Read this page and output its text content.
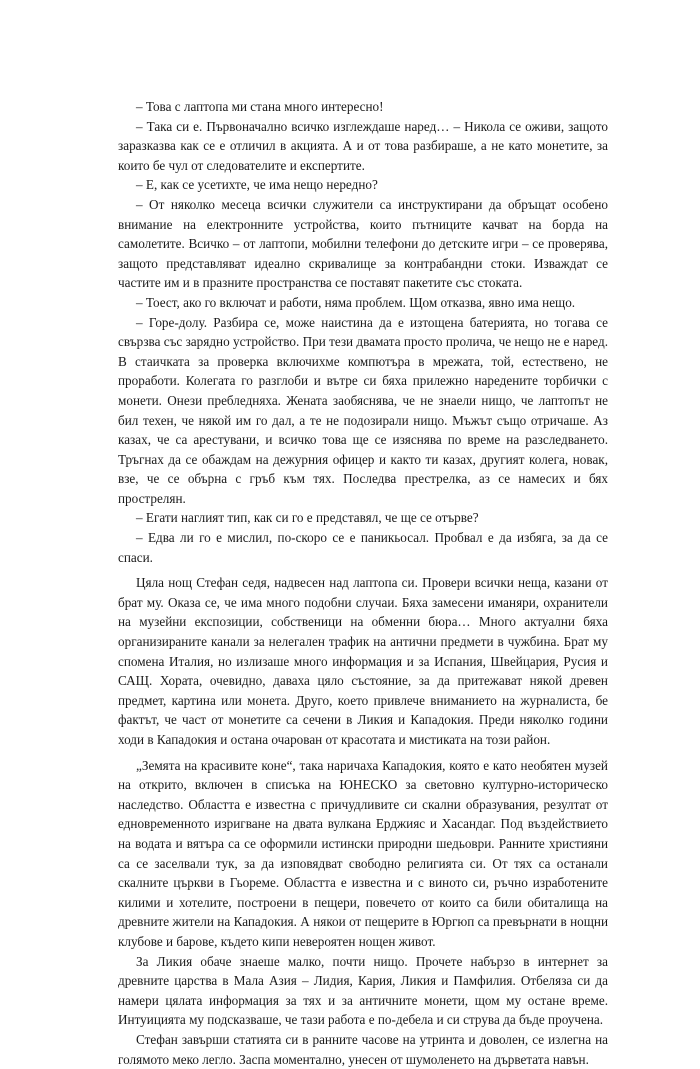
– Това с лаптопа ми стана много интересно!

– Така си е. Първоначално всичко изглеждаше наред… – Никола се оживи, защото заразказва как се е отличил в акцията. А и от това разбираше, а не като монетите, за които бе чул от следователите и експертите.

– Е, как се усетихте, че има нещо нередно?

– От няколко месеца всички служители са инструктирани да обръщат особено внимание на електронните устройства, които пътниците качват на борда на самолетите. Всичко – от лаптопи, мобилни телефони до детските игри – се проверява, защото представляват идеално скривалище за контрабандни стоки. Изваждат се частите им и в празните пространства се поставят пакетите със стоката.

– Тоест, ако го включат и работи, няма проблем. Щом отказва, явно има нещо.

– Горе-долу. Разбира се, може наистина да е изтощена батерията, но тогава се свързва със зарядно устройство. При тези двамата просто пролича, че нещо не е наред. В стаичката за проверка включихме компютъра в мрежата, той, естествено, не проработи. Колегата го разглоби и вътре си бяха прилежно наредените торбички с монети. Онези пребледняха. Жената заобяснява, че не знаели нищо, че лаптопът не бил техен, че някой им го дал, а те не подозирали нищо. Мъжът също отричаше. Аз казах, че са арестувани, и всичко това ще се изяснява по време на разследването. Тръгнах да се обаждам на дежурния офицер и както ти казах, другият колега, новак, взе, че се обърна с гръб към тях. Последва престрелка, аз се намесих и бях прострелян.

– Егати наглият тип, как си го е представял, че ще се отърве?

– Едва ли го е мислил, по-скоро се е паникьосал. Пробвал е да избяга, за да се спаси.

Цяла нощ Стефан седя, надвесен над лаптопа си. Провери всички неща, казани от брат му. Оказа се, че има много подобни случаи. Бяха замесени иманяри, охранители на музейни експозиции, собственици на обменни бюра… Много актуални бяха организираните канали за нелегален трафик на антични предмети в чужбина. Брат му спомена Италия, но излизаше много информация и за Испания, Швейцария, Русия и САЩ. Хората, очевидно, даваха цяло състояние, за да притежават някой древен предмет, картина или монета. Друго, което привлече вниманието на журналиста, бе фактът, че част от монетите са сечени в Ликия и Кападокия. Преди няколко години ходи в Кападокия и остана очарован от красотата и мистиката на този район.

„Земята на красивите коне“, така наричаха Кападокия, която е като необятен музей на открито, включен в списъка на ЮНЕСКО за световно културно-историческо наследство. Областта е известна с причудливите си скални образувания, резултат от едновременното изригване на двата вулкана Ерджияс и Хасандаг. Под въздействието на водата и вятъра са се оформили истински природни шедьоври. Ранните християни са се заселвали тук, за да изповядват свободно религията си. От тях са останали скалните църкви в Гьореме. Областта е известна и с виното си, ръчно изработените килими и хотелите, построени в пещери, повечето от които са били обиталища на древните жители на Кападокия. А някои от пещерите в Юргюп са превърнати в нощни клубове и барове, където кипи невероятен нощен живот.

За Ликия обаче знаеше малко, почти нищо. Прочете набързо в интернет за древните царства в Мала Азия – Лидия, Кария, Ликия и Памфилия. Отбеляза си да намери цялата информация за тях и за античните монети, щом му остане време. Интуицията му подсказваше, че тази работа е по-дебела и си струва да бъде проучена.

Стефан завърши статията си в ранните часове на утринта и доволен, се излегна на голямото меко легло. Заспа моментално, унесен от шумоленето на дърветата навън.
